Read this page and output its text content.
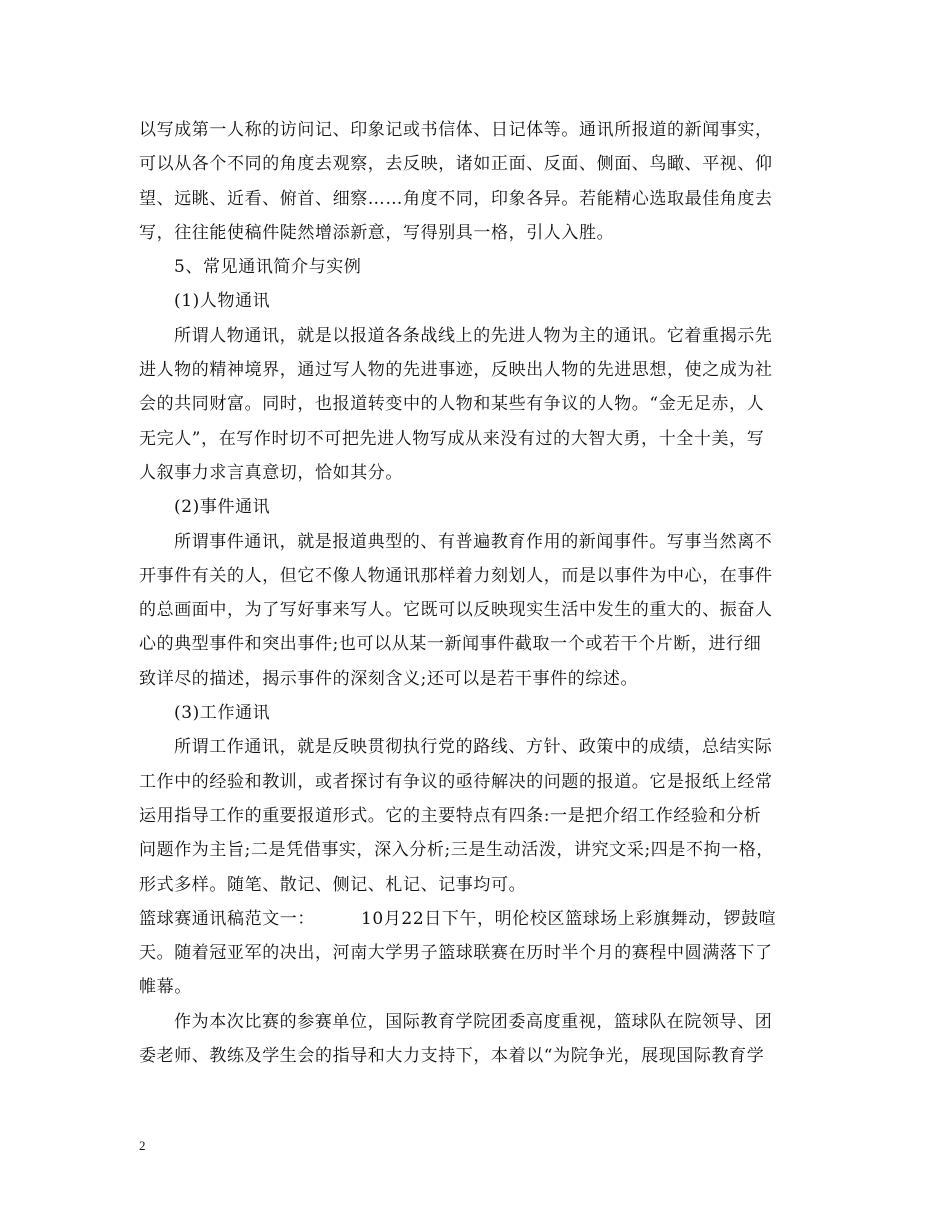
以写成第一人称的访问记、印象记或书信体、日记体等。通讯所报道的新闻事实，
可以从各个不同的角度去观察，去反映，诸如正面、反面、侧面、鸟瞰、平视、仰
望、远眺、近看、俯首、细察……角度不同，印象各异。若能精心选取最佳角度去
写，往往能使稿件陡然增添新意，写得别具一格，引人入胜。
5、常见通讯简介与实例
(1)人物通讯
所谓人物通讯，就是以报道各条战线上的先进人物为主的通讯。它着重揭示先
进人物的精神境界，通过写人物的先进事迹，反映出人物的先进思想，使之成为社
会的共同财富。同时，也报道转变中的人物和某些有争议的人物。“金无足赤，人
无完人”，在写作时切不可把先进人物写成从来没有过的大智大勇，十全十美，写
人叙事力求言真意切，恰如其分。
(2)事件通讯
所谓事件通讯，就是报道典型的、有普遍教育作用的新闻事件。写事当然离不
开事件有关的人，但它不像人物通讯那样着力刻划人，而是以事件为中心，在事件
的总画面中，为了写好事来写人。它既可以反映现实生活中发生的重大的、振奋人
心的典型事件和突出事件;也可以从某一新闻事件截取一个或若干个片断，进行细
致详尽的描述，揭示事件的深刻含义;还可以是若干事件的综述。
(3)工作通讯
所谓工作通讯，就是反映贯彻执行党的路线、方针、政策中的成绩，总结实际
工作中的经验和教训，或者探讨有争议的亟待解决的问题的报道。它是报纸上经常
运用指导工作的重要报道形式。它的主要特点有四条:一是把介绍工作经验和分析
问题作为主旨;二是凭借事实，深入分析;三是生动活泼，讲究文采;四是不拘一格，
形式多样。随笔、散记、侧记、札记、记事均可。
篮球赛通讯稿范文一：	10月22日下午，明伦校区篮球场上彩旗舞动，锣鼓喧
天。随着冠亚军的决出，河南大学男子篮球联赛在历时半个月的赛程中圆满落下了
帷幕。
作为本次比赛的参赛单位，国际教育学院团委高度重视，篮球队在院领导、团
委老师、教练及学生会的指导和大力支持下，本着以“为院争光，展现国际教育学
2
